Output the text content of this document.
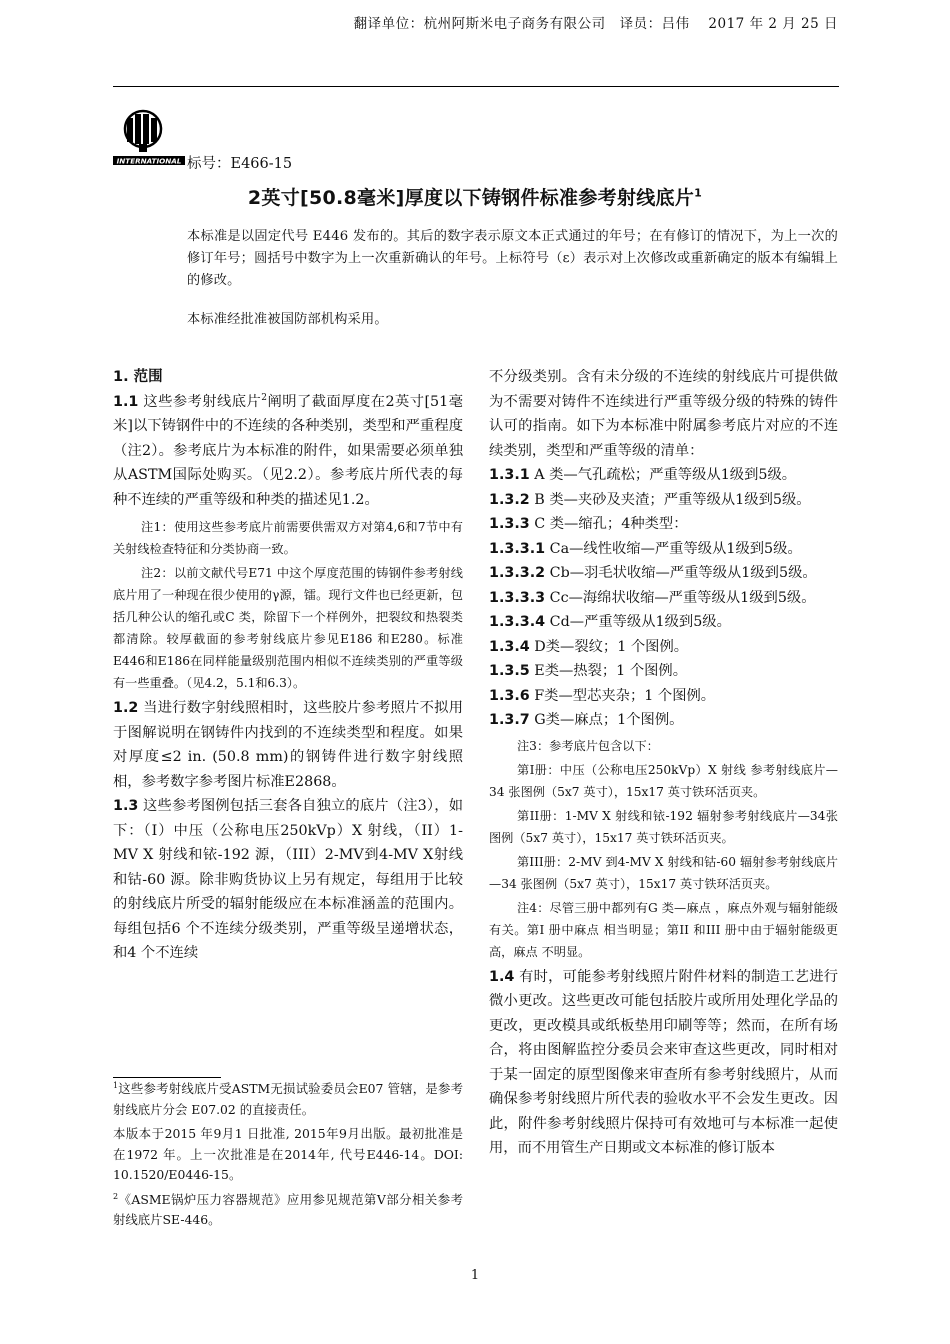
翻译单位：杭州阿斯米电子商务有限公司　译员：吕伟　 2017 年 2 月 25 日
INTERNATIONAL 标号：E466-15
2英寸[50.8毫米]厚度以下铸钢件标准参考射线底片$^1$
本标准是以固定代号 E446 发布的。其后的数字表示原文本正式通过的年号；在有修订的情况下，为上一次的修订年号；圆括号中数字为上一次重新确认的年号。上标符号（ε）表示对上次修改或重新确定的版本有编辑上的修改。
本标准经批准被国防部机构采用。

1. 范围

1.1 这些参考射线底片$^2$阐明了截面厚度在2英寸[51毫米]以下铸钢件中的不连续的各种类别，类型和严重程度（注2）。参考底片为本标准的附件，如果需要必须单独从ASTM国际处购买。（见2.2）。参考底片所代表的每种不连续的严重等级和种类的描述见1.2。

注1：使用这些参考底片前需要供需双方对第4,6和7节中有关射线检查特征和分类协商一致。

注2：以前文献代号E71 中这个厚度范围的铸钢件参考射线底片用了一种现在很少使用的γ源，镭。现行文件也已经更新，包括几种公认的缩孔或C 类，除留下一个样例外，把裂纹和热裂类都清除。较厚截面的参考射线底片参见E186 和E280。标准E446和E186在同样能量级别范围内相似不连续类别的严重等级有一些重叠。（见4.2，5.1和6.3）。

1.2 当进行数字射线照相时，这些胶片参考照片不拟用于图解说明在钢铸件内找到的不连续类型和程度。如果对厚度≤2 in. (50.8 mm)的钢铸件进行数字射线照相，参考数字参考图片标准E2868。

1.3 这些参考图例包括三套各自独立的底片（注3），如下：（I）中压（公称电压250kVp）X 射线，（II）1-MV X 射线和铱-192 源，（III）2-MV到4-MV X射线和钴-60 源。除非购货协议上另有规定，每组用于比较的射线底片所受的辐射能级应在本标准涵盖的范围内。每组包括6 个不连续分级类别，严重等级呈递增状态，和4 个不连续

$^1$这些参考射线底片受ASTM无损试验委员会E07 管辖，是参考射线底片分会 E07.02 的直接责任。

本版本于2015 年9月1 日批准, 2015年9月出版。最初批准是在1972 年。上一次批准是在2014年, 代号E446-14。DOI: 10.1520/E0446-15。

$^2$《ASME锅炉压力容器规范》应用参见规范第V部分相关参考射线底片SE-446。

不分级类别。含有未分级的不连续的射线底片可提供做为不需要对铸件不连续进行严重等级分级的特殊的铸件认可的指南。如下为本标准中附属参考底片对应的不连续类别，类型和严重等级的清单：

1.3.1 A 类—气孔疏松；严重等级从1级到5级。

1.3.2 B 类—夹砂及夹渣；严重等级从1级到5级。

1.3.3 C 类—缩孔；4种类型：

1.3.3.1 Ca—线性收缩—严重等级从1级到5级。

1.3.3.2 Cb—羽毛状收缩—严重等级从1级到5级。

1.3.3.3 Cc—海绵状收缩—严重等级从1级到5级。

1.3.3.4 Cd—严重等级从1级到5级。

1.3.4 D类—裂纹；1 个图例。

1.3.5 E类—热裂；1 个图例。

1.3.6 F类—型芯夹杂；1 个图例。

1.3.7 G类—麻点；1个图例。

注3：参考底片包含以下：

第I册：中压（公称电压250kVp）X 射线 参考射线底片—34 张图例（5x7 英寸），15x17 英寸铁环活页夹。

第II册：1-MV X 射线和铱-192 辐射参考射线底片—34张图例（5x7 英寸），15x17 英寸铁环活页夹。

第III册：2-MV 到4-MV X 射线和钴-60 辐射参考射线底片—34 张图例（5x7 英寸），15x17 英寸铁环活页夹。

注4：尽管三册中都列有G 类—麻点 ，麻点外观与辐射能级有关。第I 册中麻点 相当明显；第II 和III 册中由于辐射能级更高，麻点 不明显。

1.4 有时，可能参考射线照片附件材料的制造工艺进行微小更改。这些更改可能包括胶片或所用处理化学品的更改，更改模具或纸板垫用印刷等等；然而，在所有场合，将由图解监控分委员会来审查这些更改，同时相对于某一固定的原型图像来审查所有参考射线照片，从而确保参考射线照片所代表的验收水平不会发生更改。因此，附件参考射线照片保持可有效地可与本标准一起使用，而不用管生产日期或文本标准的修订版本

1
